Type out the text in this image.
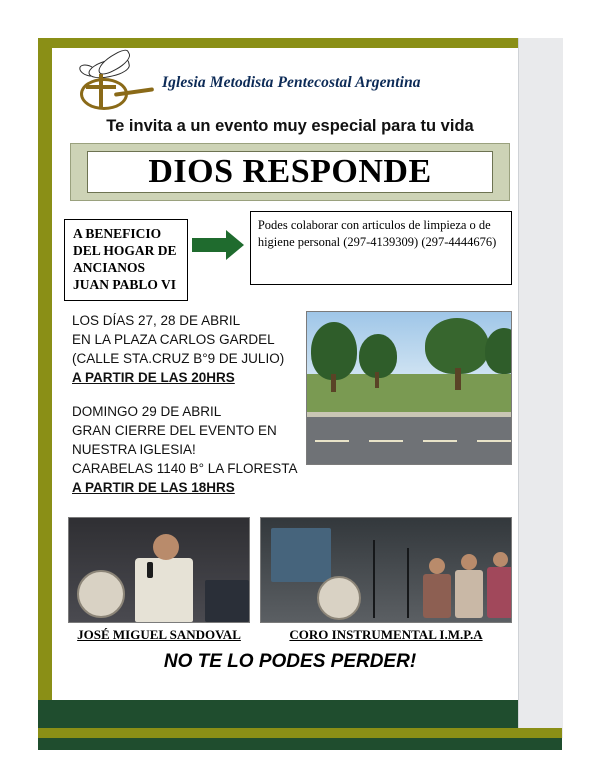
Iglesia Metodista Pentecostal Argentina
Te invita a un evento muy especial para tu vida
DIOS RESPONDE
A BENEFICIO DEL HOGAR DE ANCIANOS JUAN PABLO VI
Podes colaborar con articulos de limpieza o de higiene personal (297-4139309) (297-4444676)
LOS DÍAS 27, 28 DE ABRIL
EN LA PLAZA CARLOS GARDEL
(CALLE STA.CRUZ B°9 DE JULIO)
A PARTIR DE LAS 20HRS
DOMINGO 29 DE ABRIL
GRAN CIERRE DEL EVENTO EN
NUESTRA IGLESIA!
CARABELAS 1140 B° LA FLORESTA
A PARTIR DE LAS 18HRS
JOSÉ MIGUEL SANDOVAL	CORO INSTRUMENTAL I.M.P.A
NO TE LO PODES PERDER!
